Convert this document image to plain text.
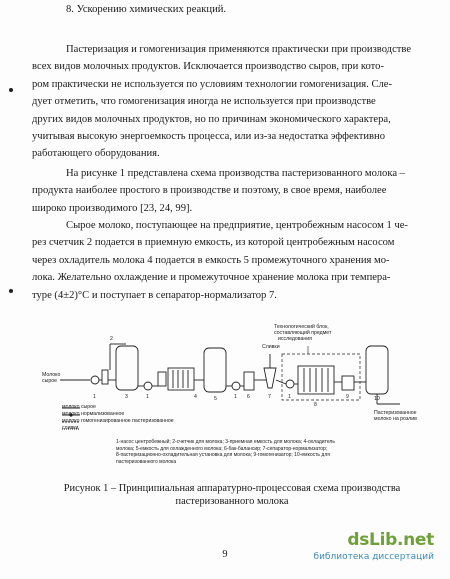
8. Ускорению химических реакций.
Пастеризация и гомогенизация применяются практически при производстве
всех видов молочных продуктов. Исключается производство сыров, при кото-
ром практически не используется по условиям технологии гомогенизация. Сле-
дует отметить, что гомогенизация иногда не используется при производстве
других видов молочных продуктов, но по причинам экономического характера,
учитывая высокую энергоемкость процесса, или из-за недостатка эффективно
работающего оборудования.
На рисунке 1 представлена схема производства пастеризованного молока –
продукта наиболее простого в производстве и поэтому, в свое время, наиболее
широко производимого [23, 24, 99].
Сырое молоко, поступающее на предприятие, центробежным насосом 1 че-
рез счетчик 2 подается в приемную емкость, из которой центробежным насосом
через охладитель молока 4 подается в емкость 5 промежуточного хранения мо-
лока. Желательно охлаждение и промежуточное хранение молока при темпера-
туре (4±2)°С и поступает в сепаратор-нормализатор 7.
2
Технологический блок,
составляющий предмет
исследования
Сливки
Молоко
сырое
Пастеризованное
молоко на розлив
1	3	1	4	5	1 6	7
8
9
1	10
молоко сырое
молоко нормализованное
молоко гомогенизированное пастеризованное
сливки
1-насос центробежный; 2-счетчик для молока; 3-приемная емкость для молока; 4-охладитель
молока; 5-емкость для охлажденного молока; 6-бак-балансир; 7-сепаратор-нормализатор;
8-пастеризационно-охладительная установка для молока; 9-гомогенизатор; 10-емкость для
пастеризованного молока
Рисунок 1 – Принципиальная аппаратурно-процессовая схема производства
пастеризованного молока
9
dsLib.net
библиотека диссертаций
